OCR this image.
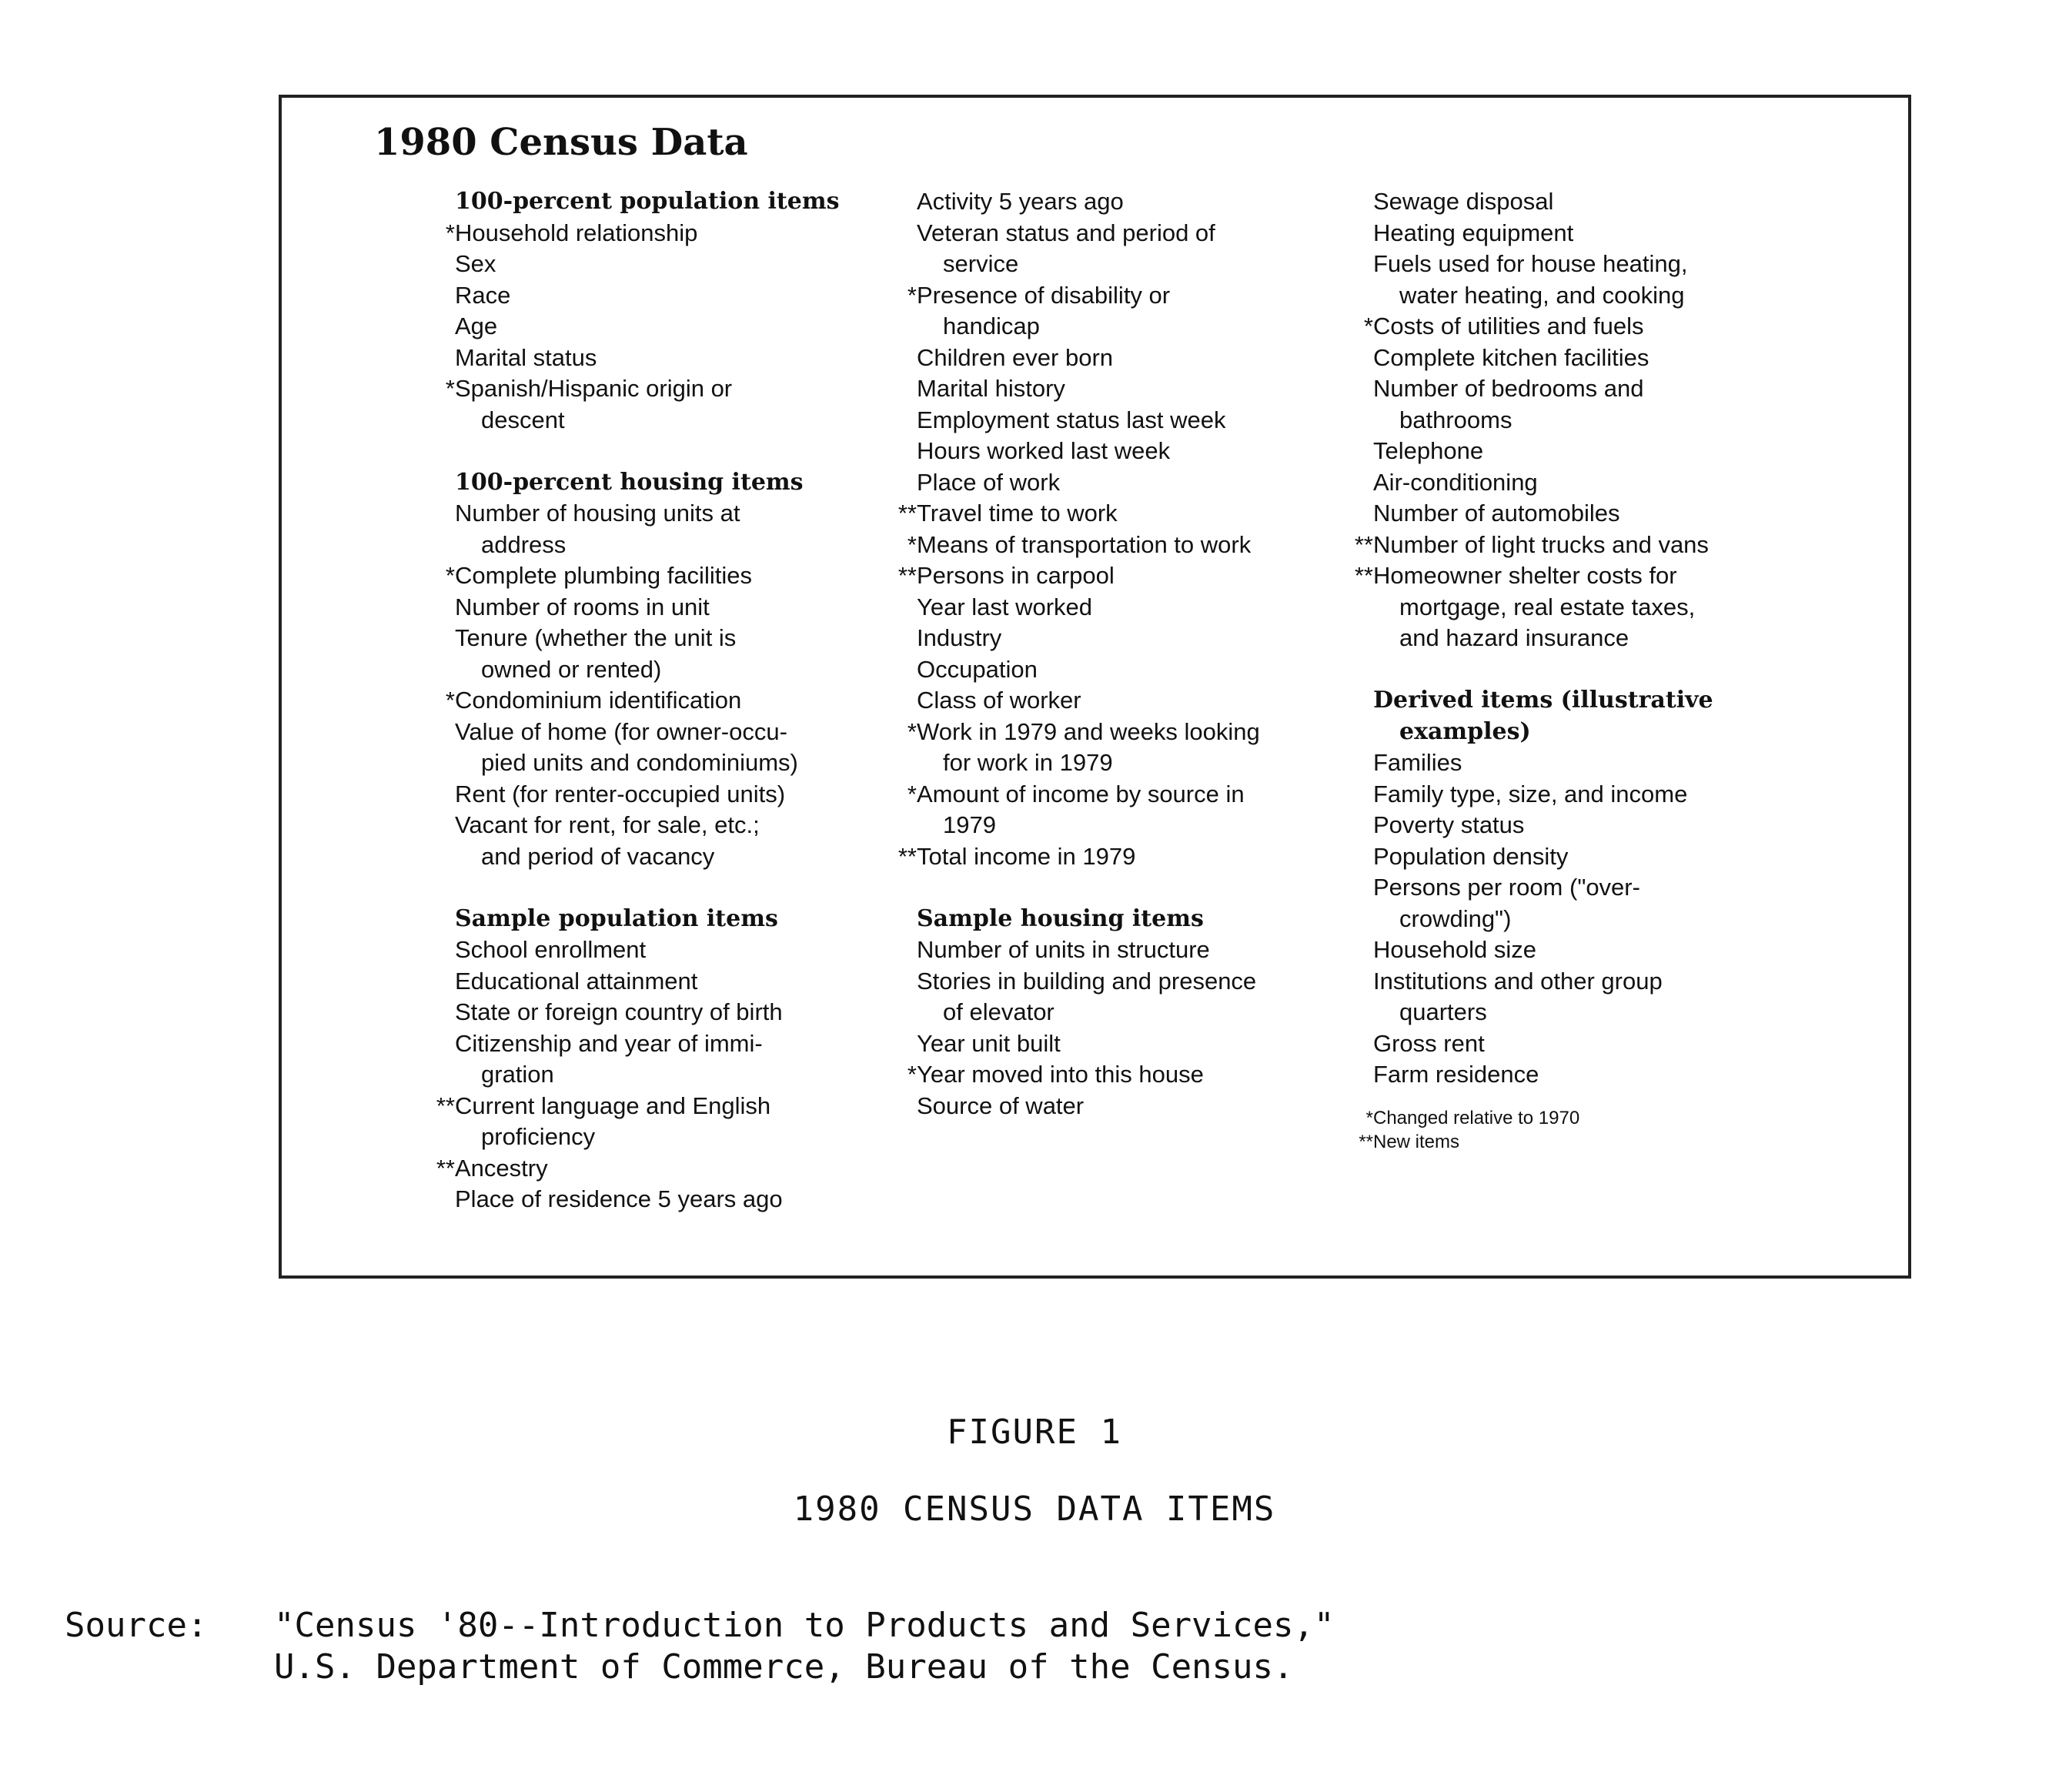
1980 Census Data
100-percent population items
*Household relationship
Sex
Race
Age
Marital status
*Spanish/Hispanic origin or
descent
100-percent housing items
Number of housing units at
address
*Complete plumbing facilities
Number of rooms in unit
Tenure (whether the unit is
owned or rented)
*Condominium identification
Value of home (for owner-occu-
pied units and condominiums)
Rent (for renter-occupied units)
Vacant for rent, for sale, etc.;
and period of vacancy
Sample population items
School enrollment
Educational attainment
State or foreign country of birth
Citizenship and year of immi-
gration
**Current language and English
proficiency
**Ancestry
Place of residence 5 years ago
Activity 5 years ago
Veteran status and period of
service
*Presence of disability or
handicap
Children ever born
Marital history
Employment status last week
Hours worked last week
Place of work
**Travel time to work
*Means of transportation to work
**Persons in carpool
Year last worked
Industry
Occupation
Class of worker
*Work in 1979 and weeks looking
for work in 1979
*Amount of income by source in
1979
**Total income in 1979
Sample housing items
Number of units in structure
Stories in building and presence
of elevator
Year unit built
*Year moved into this house
Source of water
Sewage disposal
Heating equipment
Fuels used for house heating,
water heating, and cooking
*Costs of utilities and fuels
Complete kitchen facilities
Number of bedrooms and
bathrooms
Telephone
Air-conditioning
Number of automobiles
**Number of light trucks and vans
**Homeowner shelter costs for
mortgage, real estate taxes,
and hazard insurance
Derived items (illustrative
examples)
Families
Family type, size, and income
Poverty status
Population density
Persons per room ("over-
crowding")
Household size
Institutions and other group
quarters
Gross rent
Farm residence
*Changed relative to 1970
**New items
FIGURE 1
1980 CENSUS DATA ITEMS
Source: "Census '80--Introduction to Products and Services,"
U.S. Department of Commerce, Bureau of the Census.
